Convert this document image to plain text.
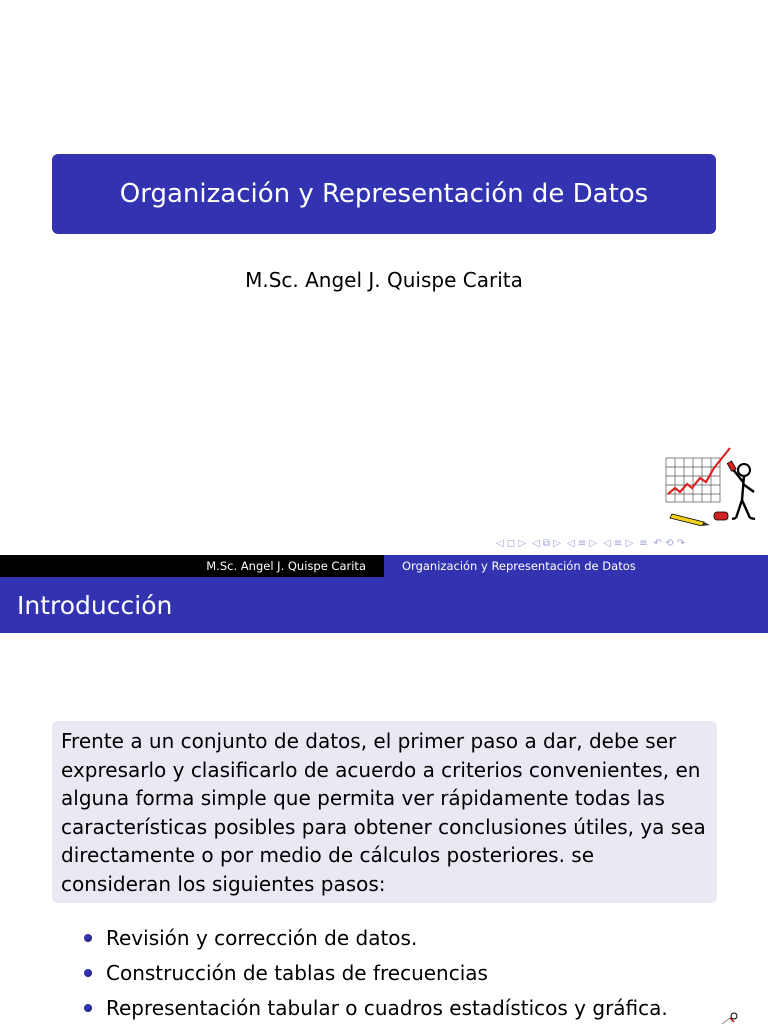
Organización y Representación de Datos
M.Sc. Angel J. Quispe Carita
◁ ◻ ▷ ◁ ⧉ ▷ ◁ ≡ ▷ ◁ ≡ ▷ ≡ ↶ ⟲ ↷
M.Sc. Angel J. Quispe Carita	Organización y Representación de Datos
Introducción
Frente a un conjunto de datos, el primer paso a dar, debe ser expresarlo y clasificarlo de acuerdo a criterios convenientes, en alguna forma simple que permita ver rápidamente todas las características posibles para obtener conclusiones útiles, ya sea directamente o por medio de cálculos posteriores. se consideran los siguientes pasos:
Revisión y corrección de datos.
Construcción de tablas de frecuencias
Representación tabular o cuadros estadísticos y gráfica.
